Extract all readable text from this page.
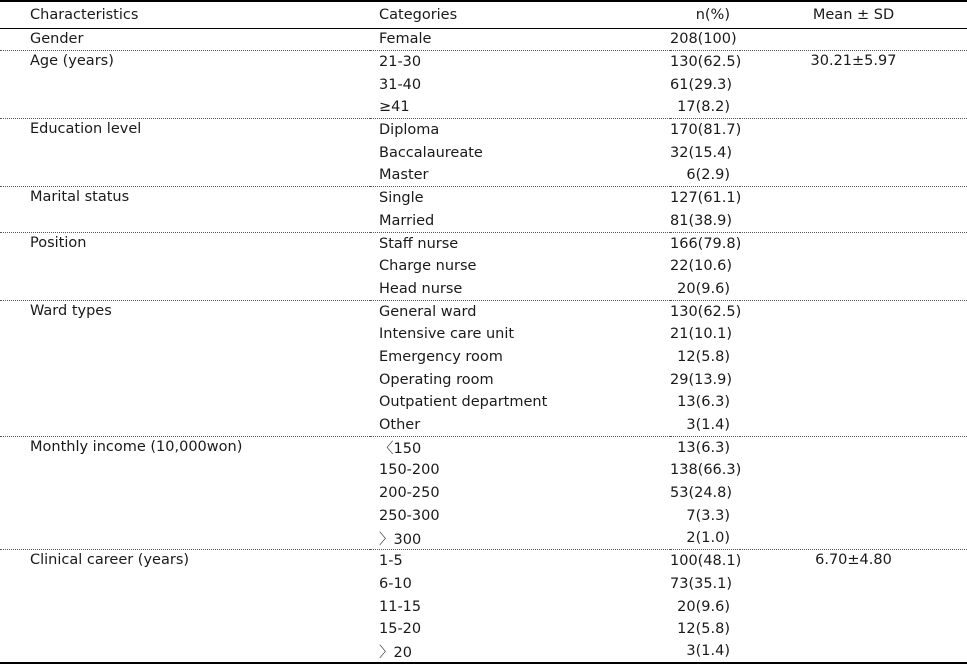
Characteristics	Categories	n(%)	Mean ± SD
Gender	Female	208(100)	
Age (years)	21-30	130(62.5)	30.21±5.97
	31-40	61(29.3)	
	≥41	17(8.2)	
Education level	Diploma	170(81.7)	
	Baccalaureate	32(15.4)	
	Master	6(2.9)	
Marital status	Single	127(61.1)	
	Married	81(38.9)	
Position	Staff nurse	166(79.8)	
	Charge nurse	22(10.6)	
	Head nurse	20(9.6)	
Ward types	General ward	130(62.5)	
	Intensive care unit	21(10.1)	
	Emergency room	12(5.8)	
	Operating room	29(13.9)	
	Outpatient department	13(6.3)	
	Other	3(1.4)	
Monthly income (10,000won)	〈150	13(6.3)	
	150-200	138(66.3)	
	200-250	53(24.8)	
	250-300	7(3.3)	
	〉300	2(1.0)	
Clinical career (years)	1-5	100(48.1)	6.70±4.80
	6-10	73(35.1)	
	11-15	20(9.6)	
	15-20	12(5.8)	
	〉20	3(1.4)	
